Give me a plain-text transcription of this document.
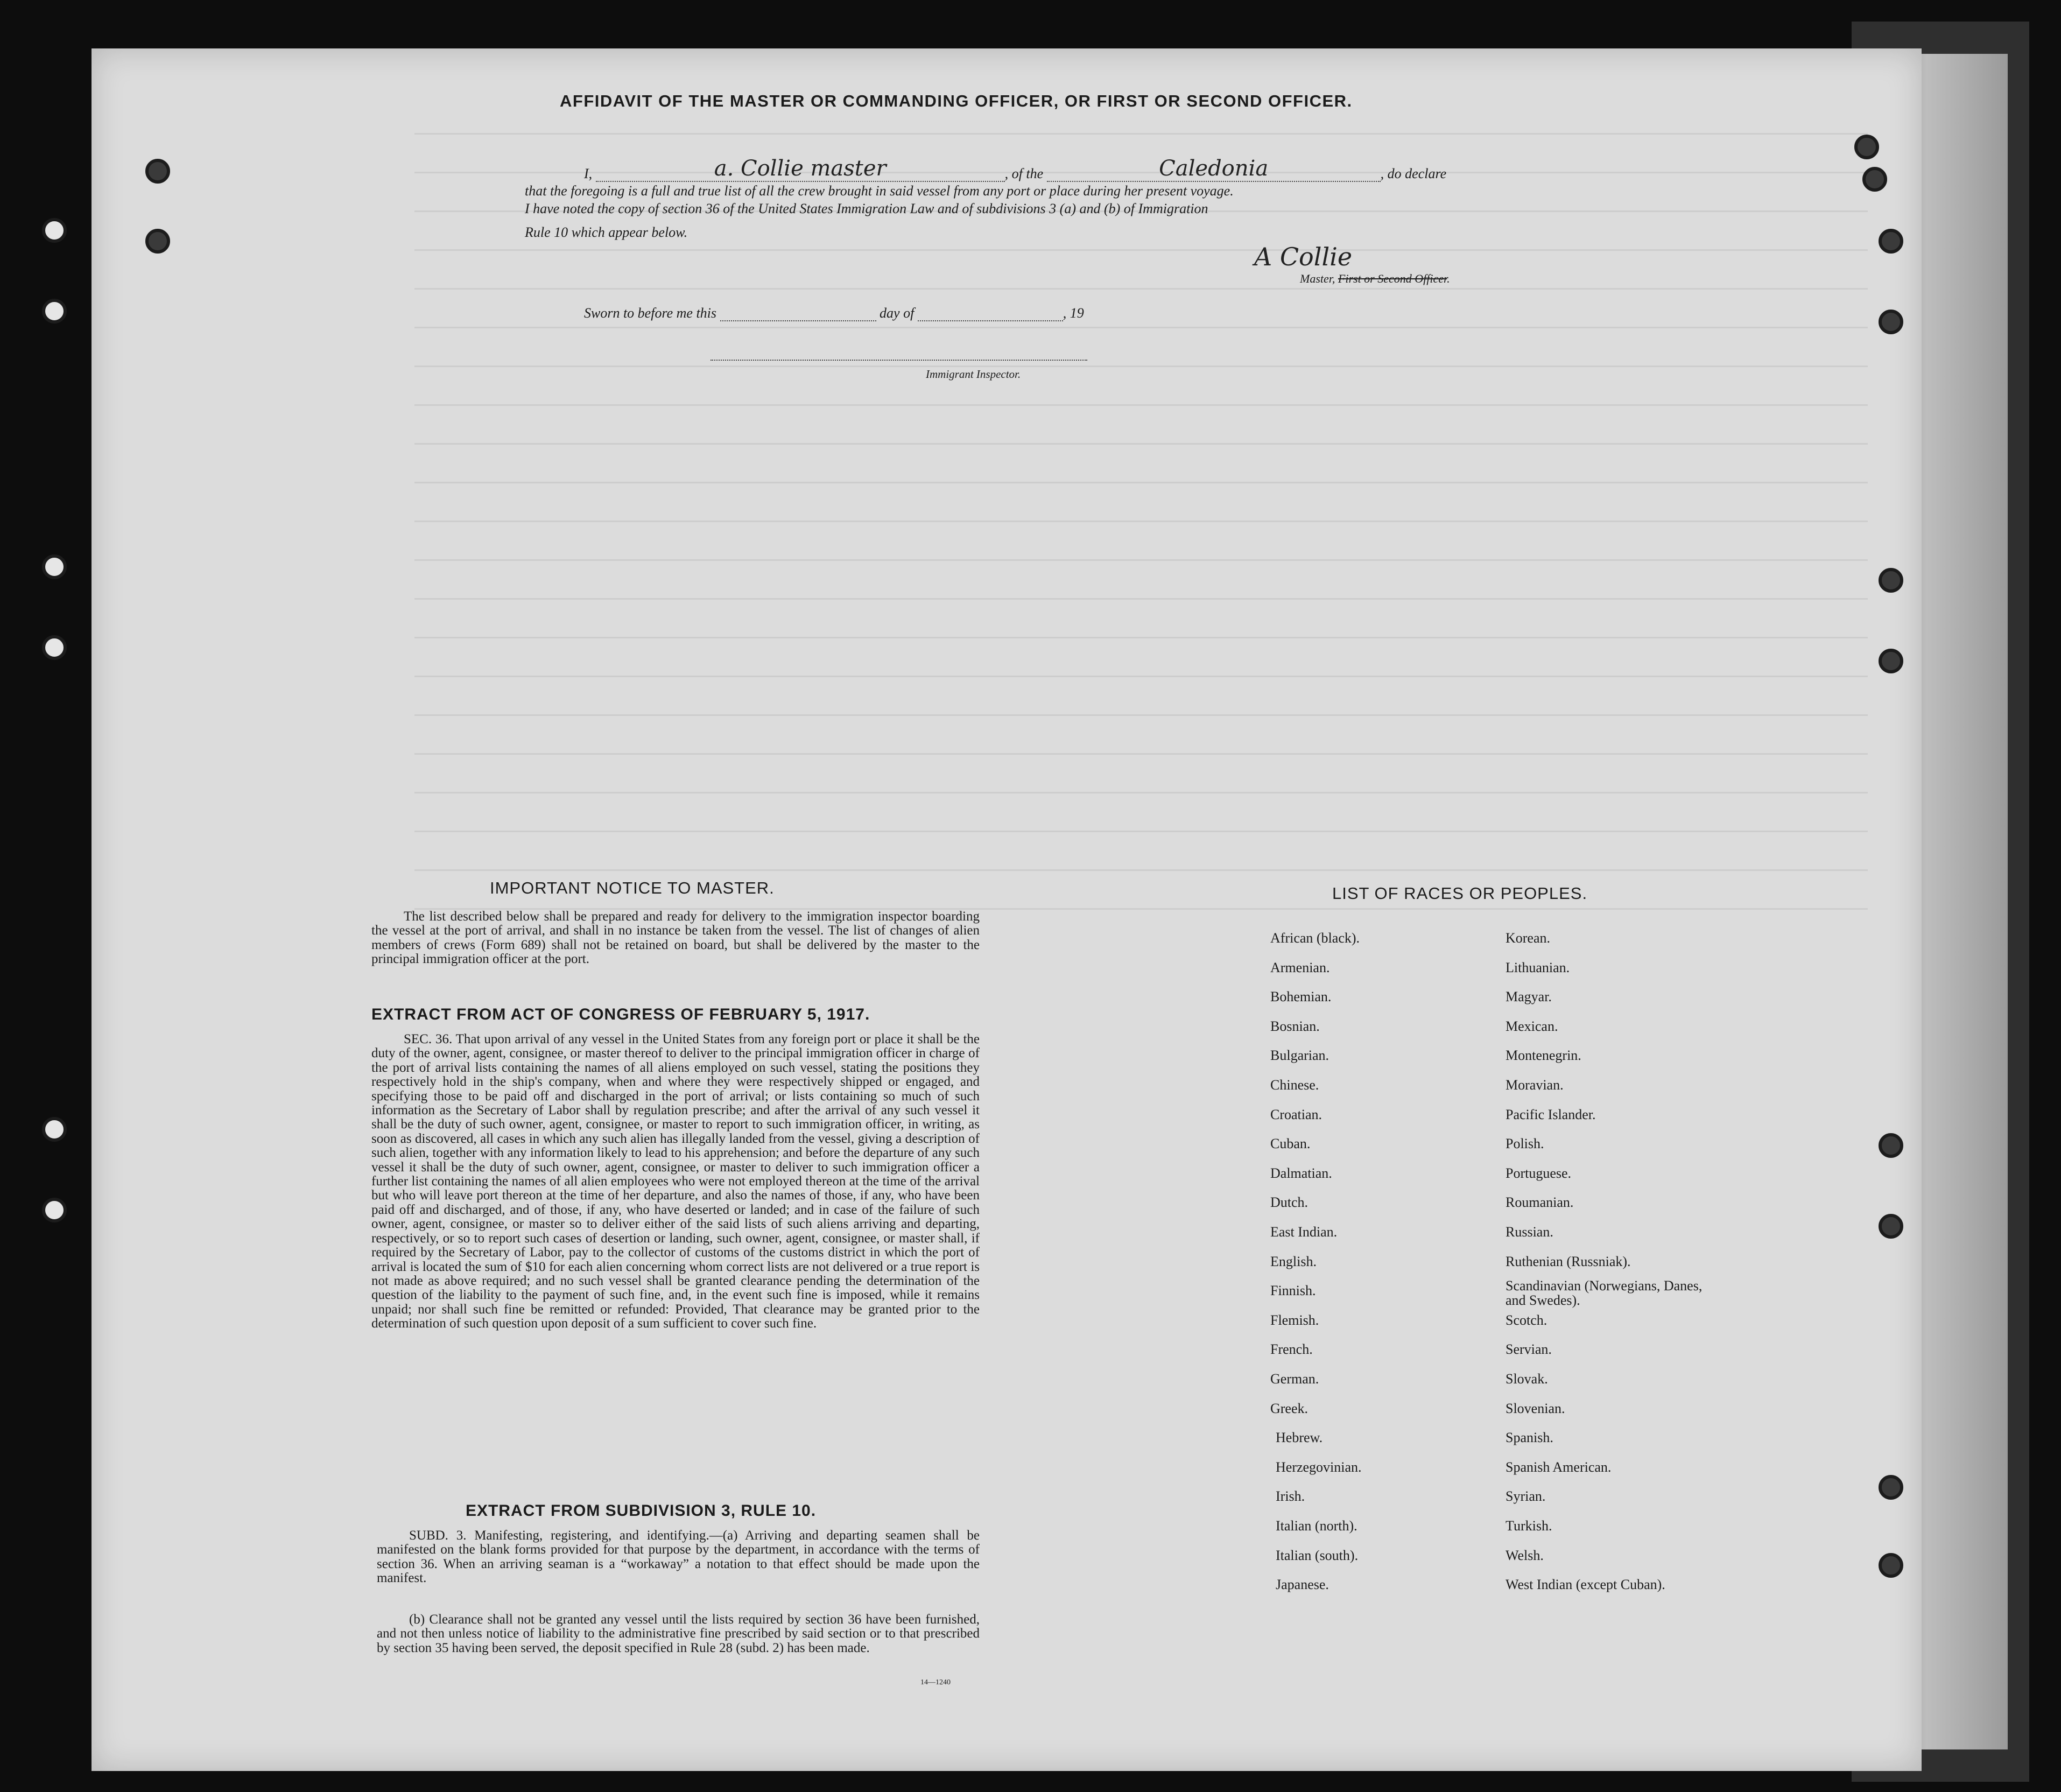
AFFIDAVIT OF THE MASTER OR COMMANDING OFFICER, OR FIRST OR SECOND OFFICER.
I,	a. Collie master	, of the	Caledonia	, do declare
that the foregoing is a full and true list of all the crew brought in said vessel from any port or place during her present voyage.
I have noted the copy of section 36 of the United States Immigration Law and of subdivisions 3 (a) and (b) of Immigration
Rule 10 which appear below.
A Collie
Master, First or Second Officer.
Sworn to before me this	day of	, 19
Immigrant Inspector.
IMPORTANT NOTICE TO MASTER.
The list described below shall be prepared and ready for delivery to the immigration inspector boarding the vessel at the port of arrival, and shall in no instance be taken from the vessel. The list of changes of alien members of crews (Form 689) shall not be retained on board, but shall be delivered by the master to the principal immigration officer at the port.
EXTRACT FROM ACT OF CONGRESS OF FEBRUARY 5, 1917.
SEC. 36. That upon arrival of any vessel in the United States from any foreign port or place it shall be the duty of the owner, agent, consignee, or master thereof to deliver to the principal immigration officer in charge of the port of arrival lists containing the names of all aliens employed on such vessel, stating the positions they respectively hold in the ship's company, when and where they were respectively shipped or engaged, and specifying those to be paid off and discharged in the port of arrival; or lists containing so much of such information as the Secretary of Labor shall by regulation prescribe; and after the arrival of any such vessel it shall be the duty of such owner, agent, consignee, or master to report to such immigration officer, in writing, as soon as discovered, all cases in which any such alien has illegally landed from the vessel, giving a description of such alien, together with any information likely to lead to his apprehension; and before the departure of any such vessel it shall be the duty of such owner, agent, consignee, or master to deliver to such immigration officer a further list containing the names of all alien employees who were not employed thereon at the time of the arrival but who will leave port thereon at the time of her departure, and also the names of those, if any, who have been paid off and discharged, and of those, if any, who have deserted or landed; and in case of the failure of such owner, agent, consignee, or master so to deliver either of the said lists of such aliens arriving and departing, respectively, or so to report such cases of desertion or landing, such owner, agent, consignee, or master shall, if required by the Secretary of Labor, pay to the collector of customs of the customs district in which the port of arrival is located the sum of $10 for each alien concerning whom correct lists are not delivered or a true report is not made as above required; and no such vessel shall be granted clearance pending the determination of the question of the liability to the payment of such fine, and, in the event such fine is imposed, while it remains unpaid; nor shall such fine be remitted or refunded: Provided, That clearance may be granted prior to the determination of such question upon deposit of a sum sufficient to cover such fine.
EXTRACT FROM SUBDIVISION 3, RULE 10.
SUBD. 3. Manifesting, registering, and identifying.—(a) Arriving and departing seamen shall be manifested on the blank forms provided for that purpose by the department, in accordance with the terms of section 36. When an arriving seaman is a “workaway” a notation to that effect should be made upon the manifest.
(b) Clearance shall not be granted any vessel until the lists required by section 36 have been furnished, and not then unless notice of liability to the administrative fine prescribed by said section or to that prescribed by section 35 having been served, the deposit specified in Rule 28 (subd. 2) has been made.
14—1240
LIST OF RACES OR PEOPLES.
African (black).
Armenian.
Bohemian.
Bosnian.
Bulgarian.
Chinese.
Croatian.
Cuban.
Dalmatian.
Dutch.
East Indian.
English.
Finnish.
Flemish.
French.
German.
Greek.
Hebrew.
Herzegovinian.
Irish.
Italian (north).
Italian (south).
Japanese.
Korean.
Lithuanian.
Magyar.
Mexican.
Montenegrin.
Moravian.
Pacific Islander.
Polish.
Portuguese.
Roumanian.
Russian.
Ruthenian (Russniak).
Scandinavian (Norwegians, Danes, and Swedes).
Scotch.
Servian.
Slovak.
Slovenian.
Spanish.
Spanish American.
Syrian.
Turkish.
Welsh.
West Indian (except Cuban).
